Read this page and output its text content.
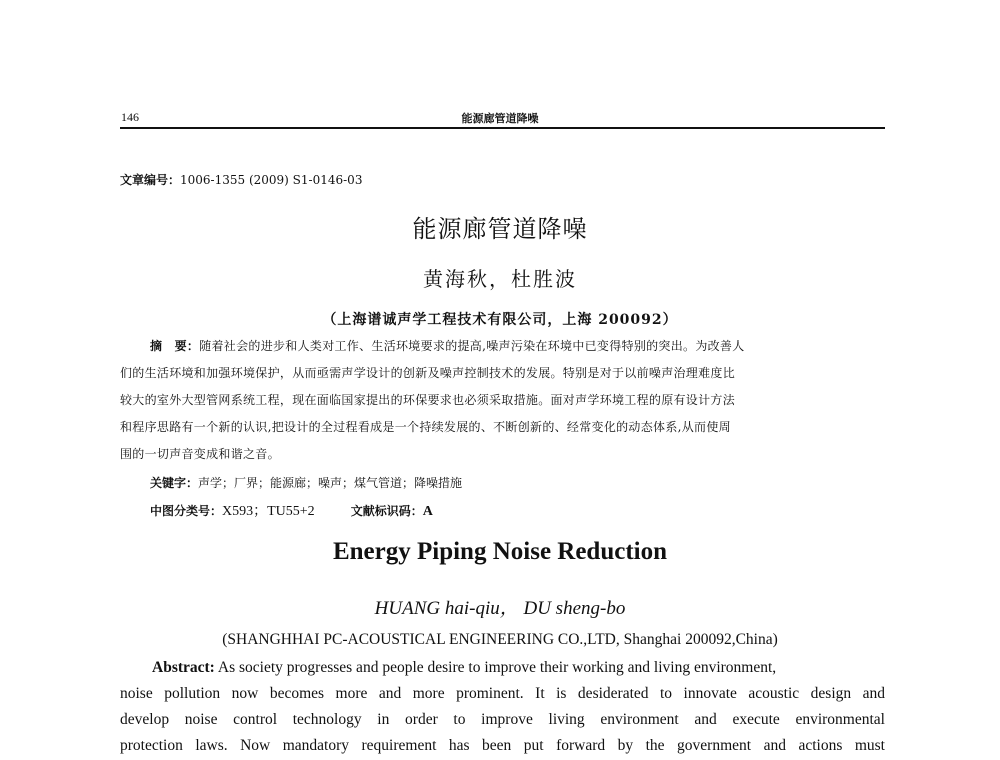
146	能源廊管道降噪
文章编号：1006-1355 (2009) S1-0146-03
能源廊管道降噪
黄海秋，杜胜波
（上海谱诚声学工程技术有限公司，上海 200092）
摘　要：随着社会的进步和人类对工作、生活环境要求的提高,噪声污染在环境中已变得特别的突出。为改善人
们的生活环境和加强环境保护，从而亟需声学设计的创新及噪声控制技术的发展。特别是对于以前噪声治理难度比
较大的室外大型管网系统工程，现在面临国家提出的环保要求也必须采取措施。面对声学环境工程的原有设计方法
和程序思路有一个新的认识,把设计的全过程看成是一个持续发展的、不断创新的、经常变化的动态体系,从而使周
围的一切声音变成和谐之音。
关键字：声学；厂界；能源廊；噪声；煤气管道；降噪措施
中图分类号：X593；TU55+2	文献标识码：A
Energy Piping Noise Reduction
HUANG hai-qiu， DU sheng-bo
(SHANGHHAI PC-ACOUSTICAL ENGINEERING CO.,LTD, Shanghai 200092,China)
Abstract: As society progresses and people desire to improve their working and living environment,
noise pollution now becomes more and more prominent. It is desiderated to innovate acoustic design and
develop noise control technology in order to improve living environment and execute environmental
protection laws. Now mandatory requirement has been put forward by the government and actions must
